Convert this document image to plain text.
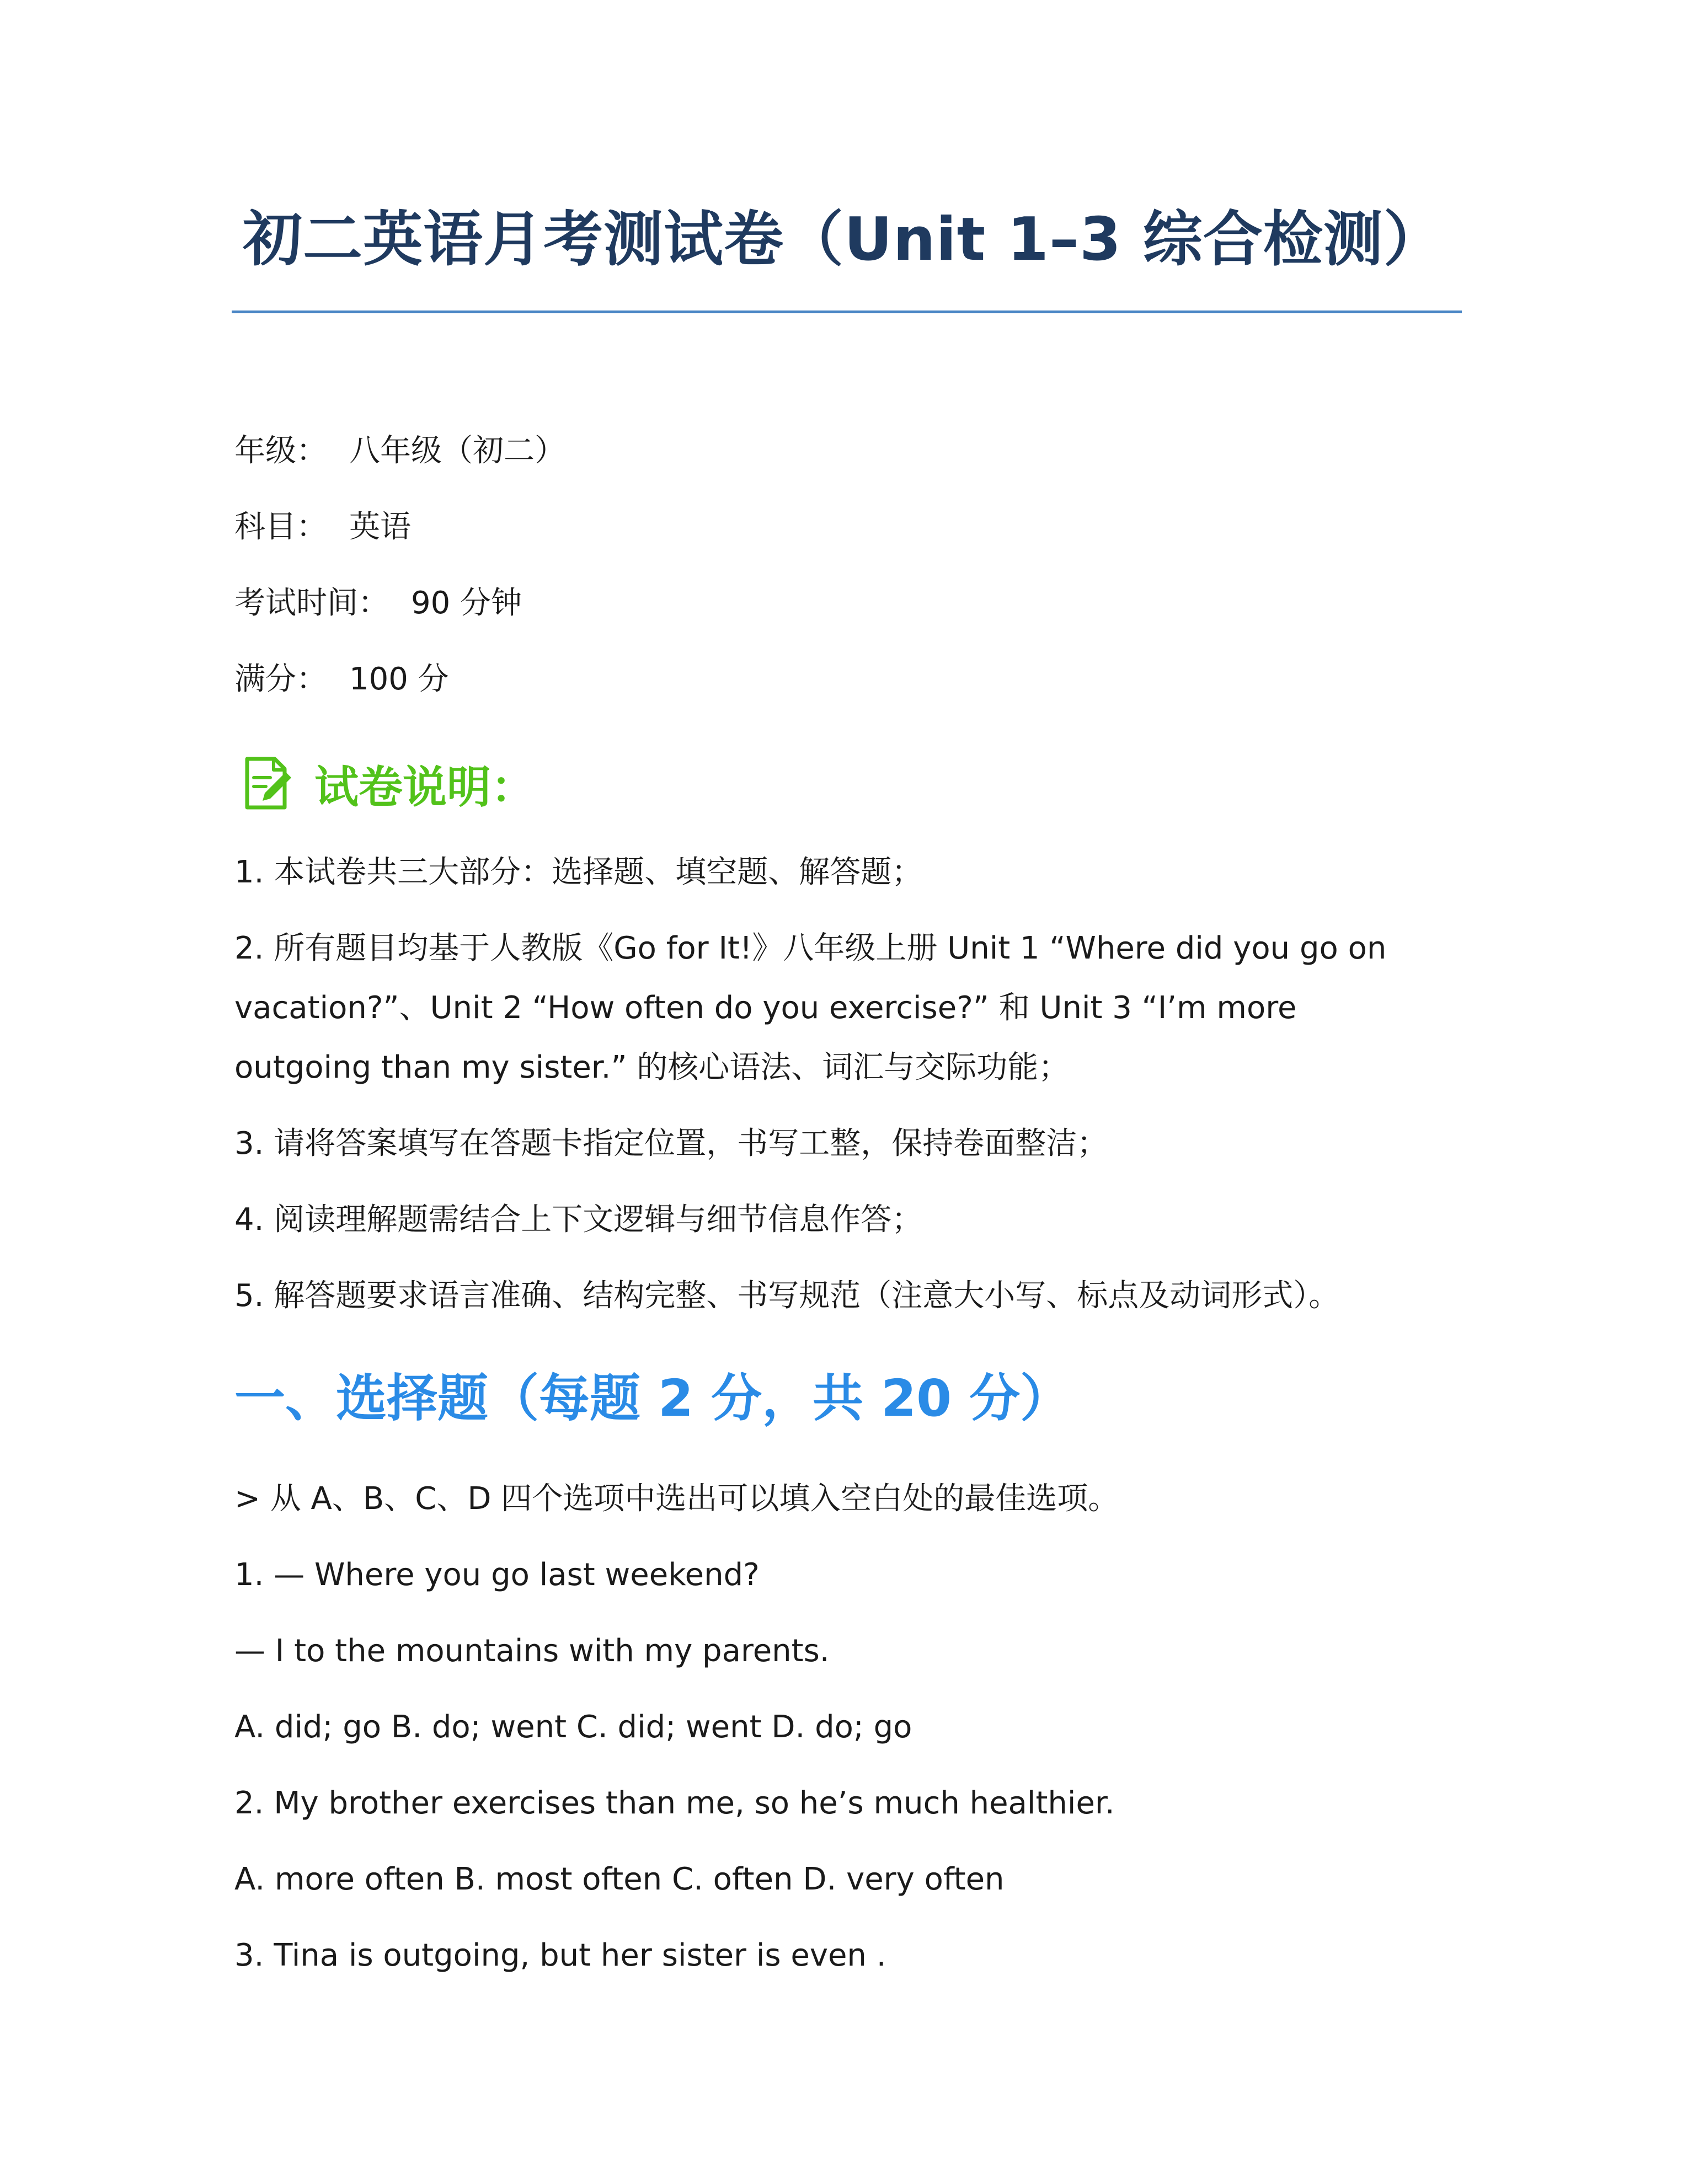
初二英语月考测试卷（Unit 1–3 综合检测）
年级： 八年级（初二）
科目： 英语
考试时间： 90 分钟
满分： 100 分
试卷说明：
1. 本试卷共三大部分：选择题、填空题、解答题；
2. 所有题目均基于人教版《Go for It!》八年级上册 Unit 1 “Where did you go on
vacation?”、Unit 2 “How often do you exercise?” 和 Unit 3 “I’m more
outgoing than my sister.” 的核心语法、词汇与交际功能；
3. 请将答案填写在答题卡指定位置，书写工整，保持卷面整洁；
4. 阅读理解题需结合上下文逻辑与细节信息作答；
5. 解答题要求语言准确、结构完整、书写规范（注意大小写、标点及动词形式）。
一、选择题（每题 2 分，共 20 分）
> 从 A、B、C、D 四个选项中选出可以填入空白处的最佳选项。
1. — Where you go last weekend?
— I to the mountains with my parents.
A. did; go B. do; went C. did; went D. do; go
2. My brother exercises than me, so he’s much healthier.
A. more often B. most often C. often D. very often
3. Tina is outgoing, but her sister is even .
